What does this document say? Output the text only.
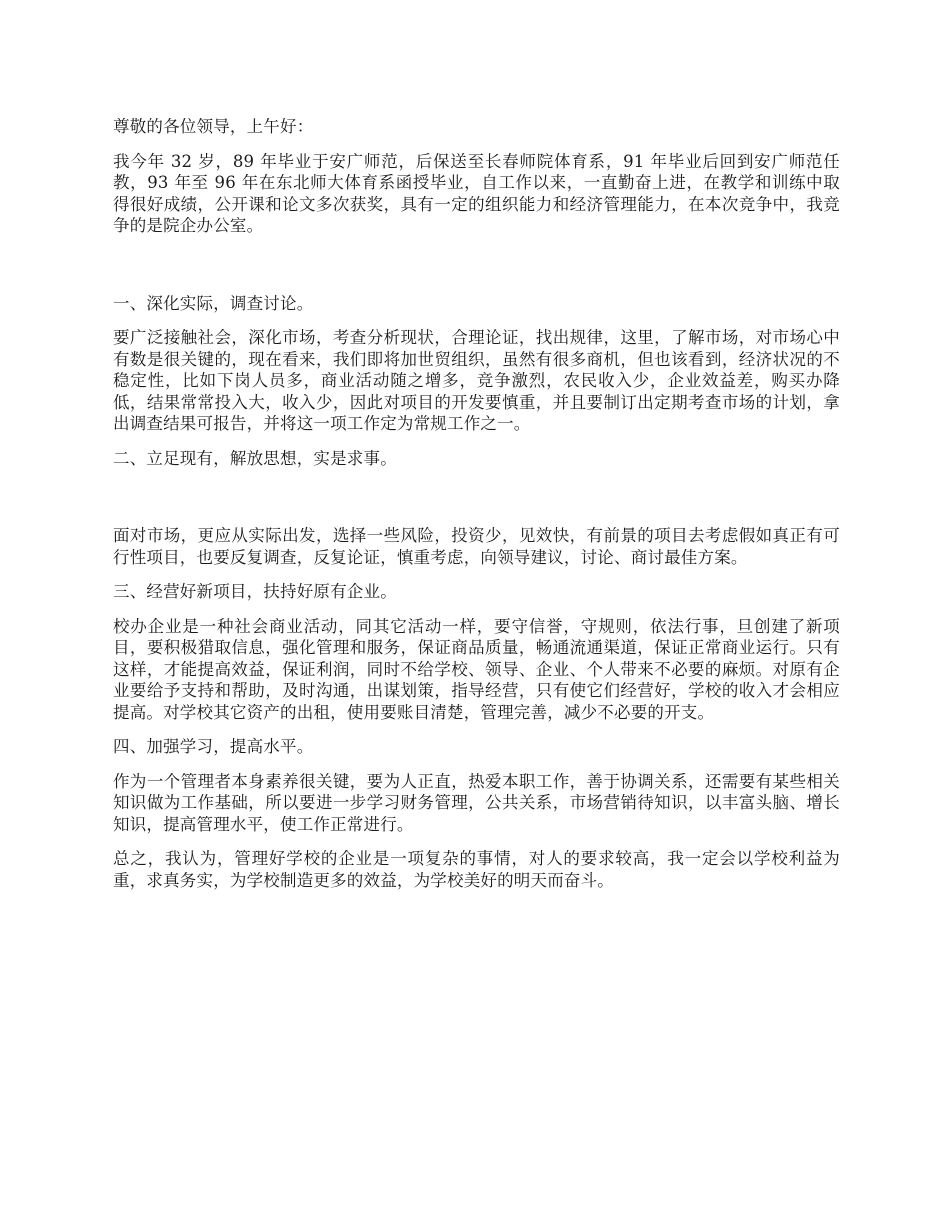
尊敬的各位领导，上午好：

我今年 32 岁，89 年毕业于安广师范，后保送至长春师院体育系，91 年毕业后回到安广师范任教，93 年至 96 年在东北师大体育系函授毕业，自工作以来，一直勤奋上进，在教学和训练中取得很好成绩，公开课和论文多次获奖，具有一定的组织能力和经济管理能力，在本次竞争中，我竞争的是院企办公室。

一、深化实际，调查讨论。

要广泛接触社会，深化市场，考查分析现状，合理论证，找出规律，这里，了解市场，对市场心中有数是很关键的，现在看来，我们即将加世贸组织，虽然有很多商机，但也该看到，经济状况的不稳定性，比如下岗人员多，商业活动随之增多，竞争激烈，农民收入少，企业效益差，购买办降低，结果常常投入大，收入少，因此对项目的开发要慎重，并且要制订出定期考查市场的计划，拿出调查结果可报告，并将这一项工作定为常规工作之一。

二、立足现有，解放思想，实是求事。

面对市场，更应从实际出发，选择一些风险，投资少，见效快，有前景的项目去考虑假如真正有可行性项目，也要反复调查，反复论证，慎重考虑，向领导建议，讨论、商讨最佳方案。

三、经营好新项目，扶持好原有企业。

校办企业是一种社会商业活动，同其它活动一样，要守信誉，守规则，依法行事，旦创建了新项目，要积极猎取信息，强化管理和服务，保证商品质量，畅通流通渠道，保证正常商业运行。只有这样，才能提高效益，保证利润，同时不给学校、领导、企业、个人带来不必要的麻烦。对原有企业要给予支持和帮助，及时沟通，出谋划策，指导经营，只有使它们经营好，学校的收入才会相应提高。对学校其它资产的出租，使用要账目清楚，管理完善，减少不必要的开支。

四、加强学习，提高水平。

作为一个管理者本身素养很关键，要为人正直，热爱本职工作，善于协调关系，还需要有某些相关知识做为工作基础，所以要进一步学习财务管理，公共关系，市场营销待知识，以丰富头脑、增长知识，提高管理水平，使工作正常进行。

总之，我认为，管理好学校的企业是一项复杂的事情，对人的要求较高，我一定会以学校利益为重，求真务实，为学校制造更多的效益，为学校美好的明天而奋斗。
